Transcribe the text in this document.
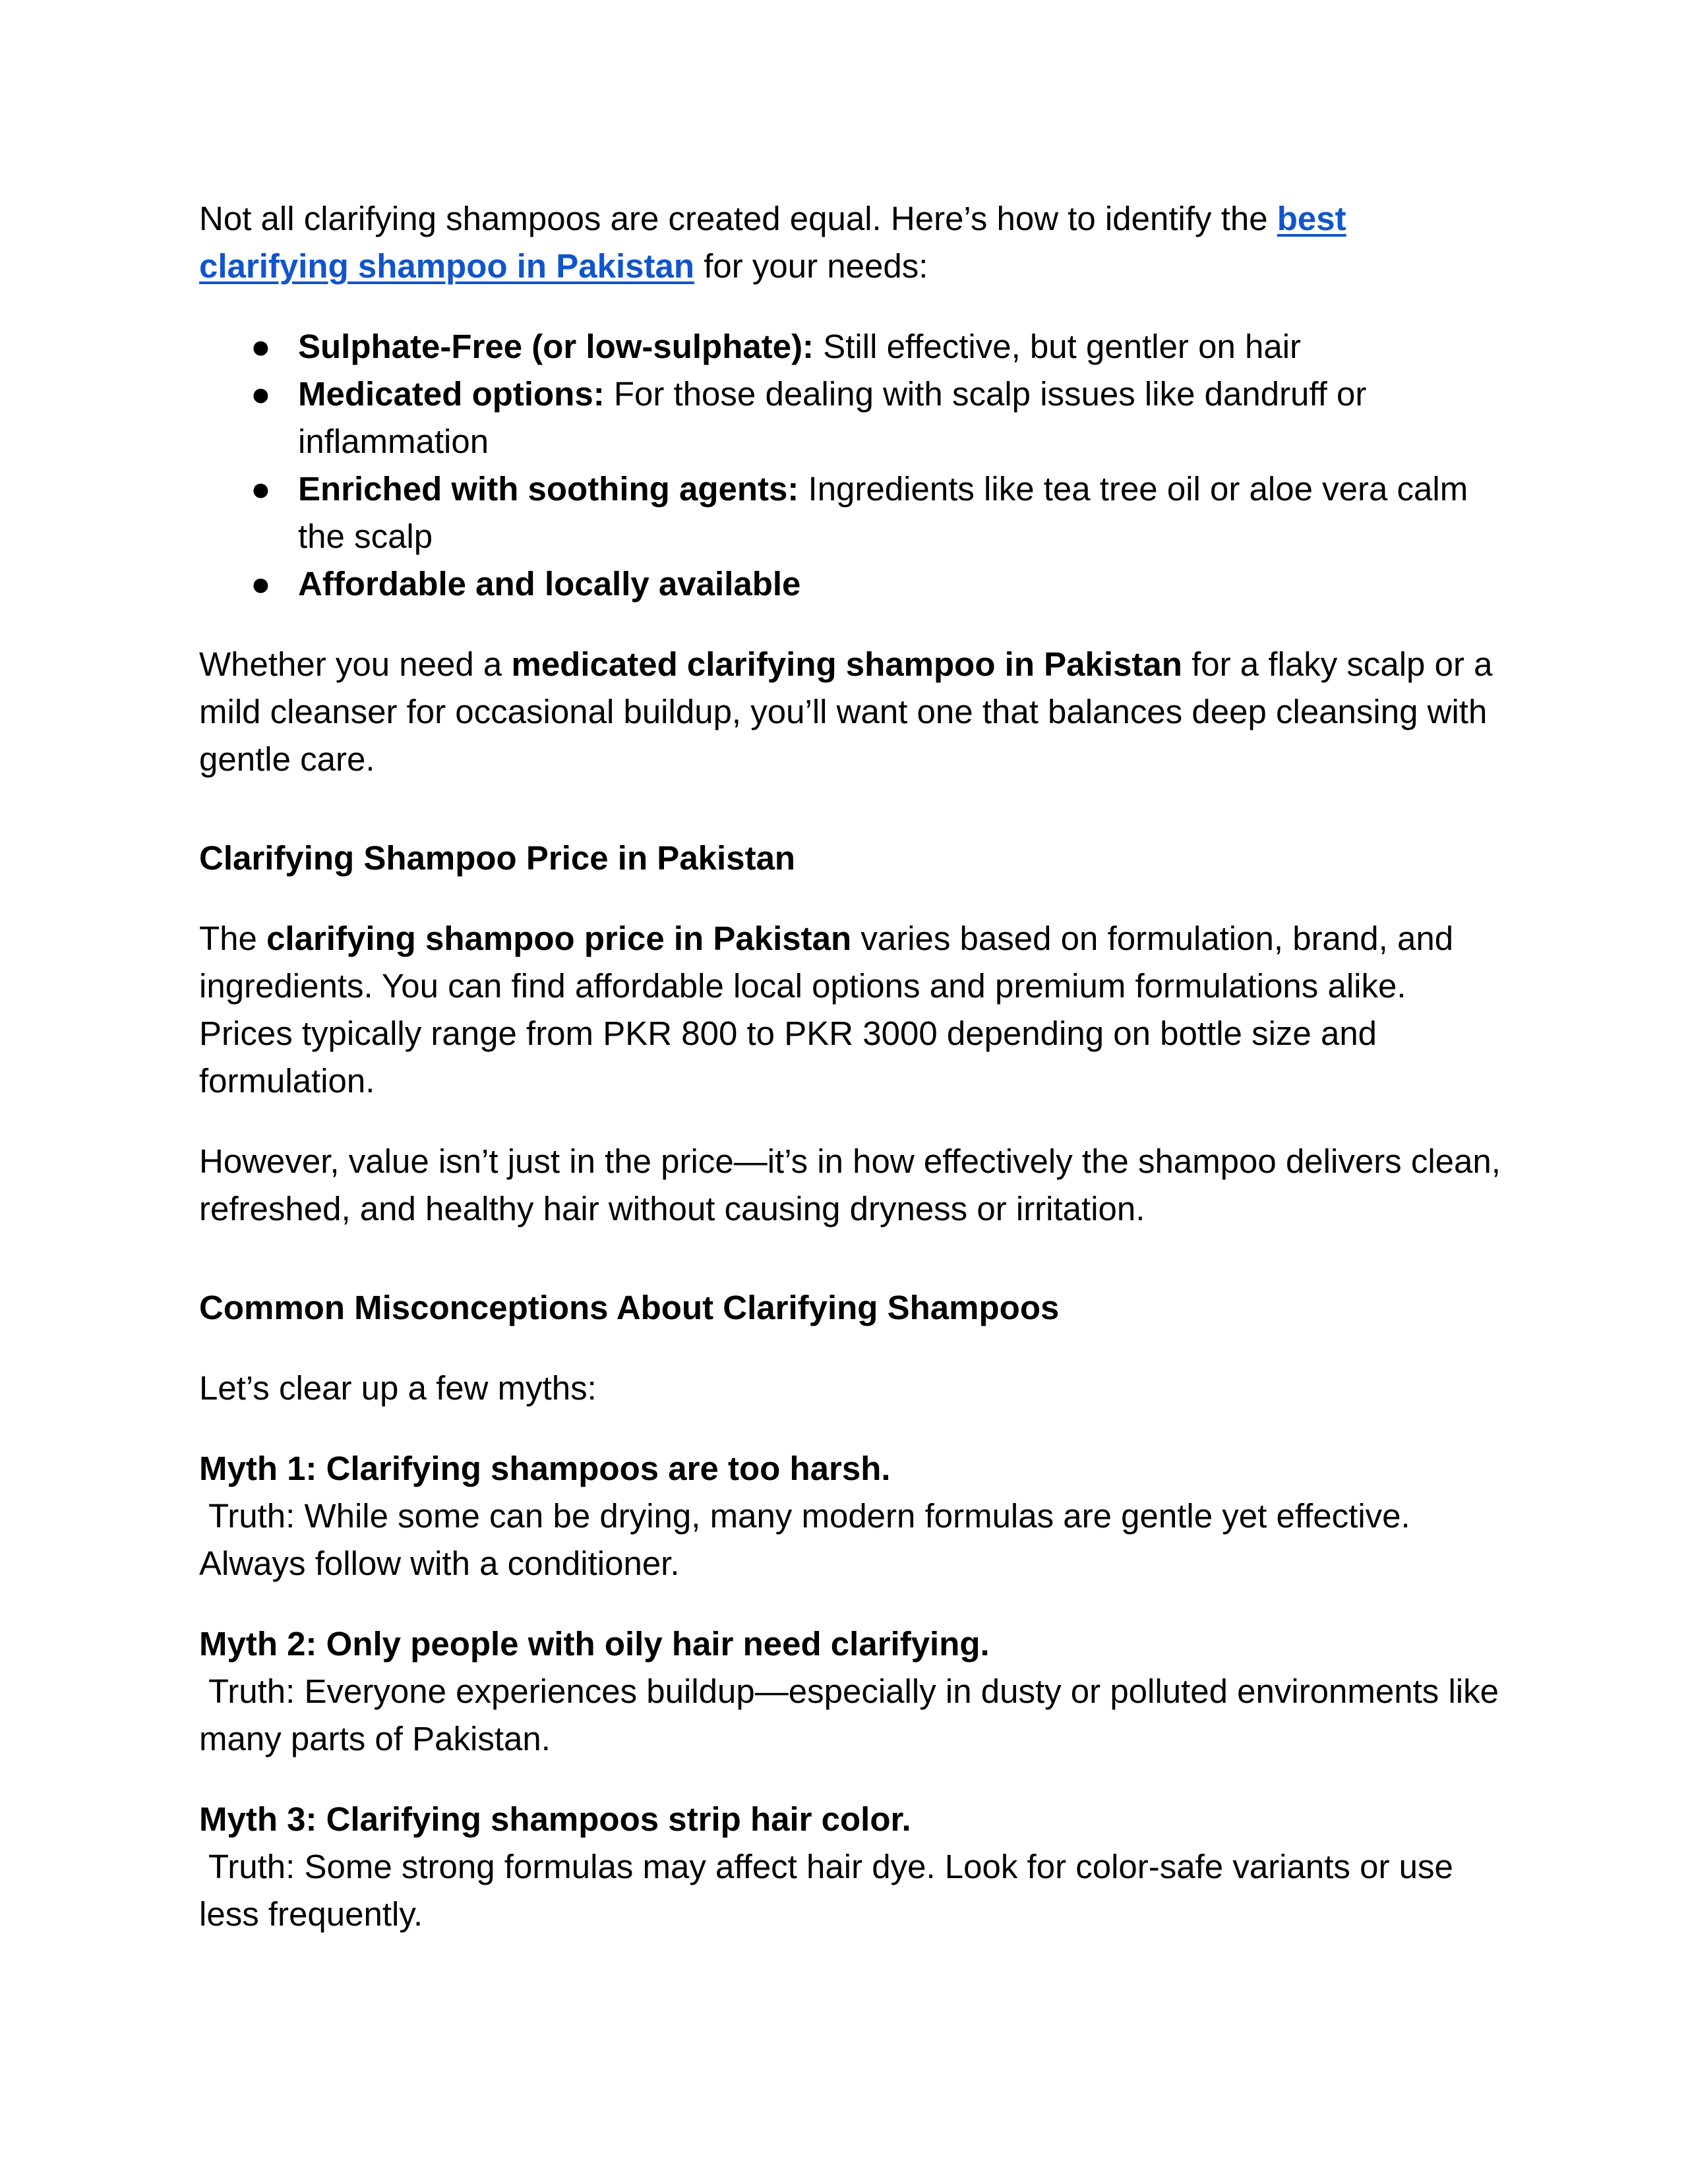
Not all clarifying shampoos are created equal. Here’s how to identify the best clarifying shampoo in Pakistan for your needs:

● Sulphate-Free (or low-sulphate): Still effective, but gentler on hair
● Medicated options: For those dealing with scalp issues like dandruff or inflammation
● Enriched with soothing agents: Ingredients like tea tree oil or aloe vera calm the scalp
● Affordable and locally available

Whether you need a medicated clarifying shampoo in Pakistan for a flaky scalp or a mild cleanser for occasional buildup, you’ll want one that balances deep cleansing with gentle care.

Clarifying Shampoo Price in Pakistan

The clarifying shampoo price in Pakistan varies based on formulation, brand, and ingredients. You can find affordable local options and premium formulations alike. Prices typically range from PKR 800 to PKR 3000 depending on bottle size and formulation.

However, value isn’t just in the price—it’s in how effectively the shampoo delivers clean, refreshed, and healthy hair without causing dryness or irritation.

Common Misconceptions About Clarifying Shampoos

Let’s clear up a few myths:

Myth 1: Clarifying shampoos are too harsh.
Truth: While some can be drying, many modern formulas are gentle yet effective. Always follow with a conditioner.
Myth 2: Only people with oily hair need clarifying.
Truth: Everyone experiences buildup—especially in dusty or polluted environments like many parts of Pakistan.
Myth 3: Clarifying shampoos strip hair color.
Truth: Some strong formulas may affect hair dye. Look for color-safe variants or use less frequently.
